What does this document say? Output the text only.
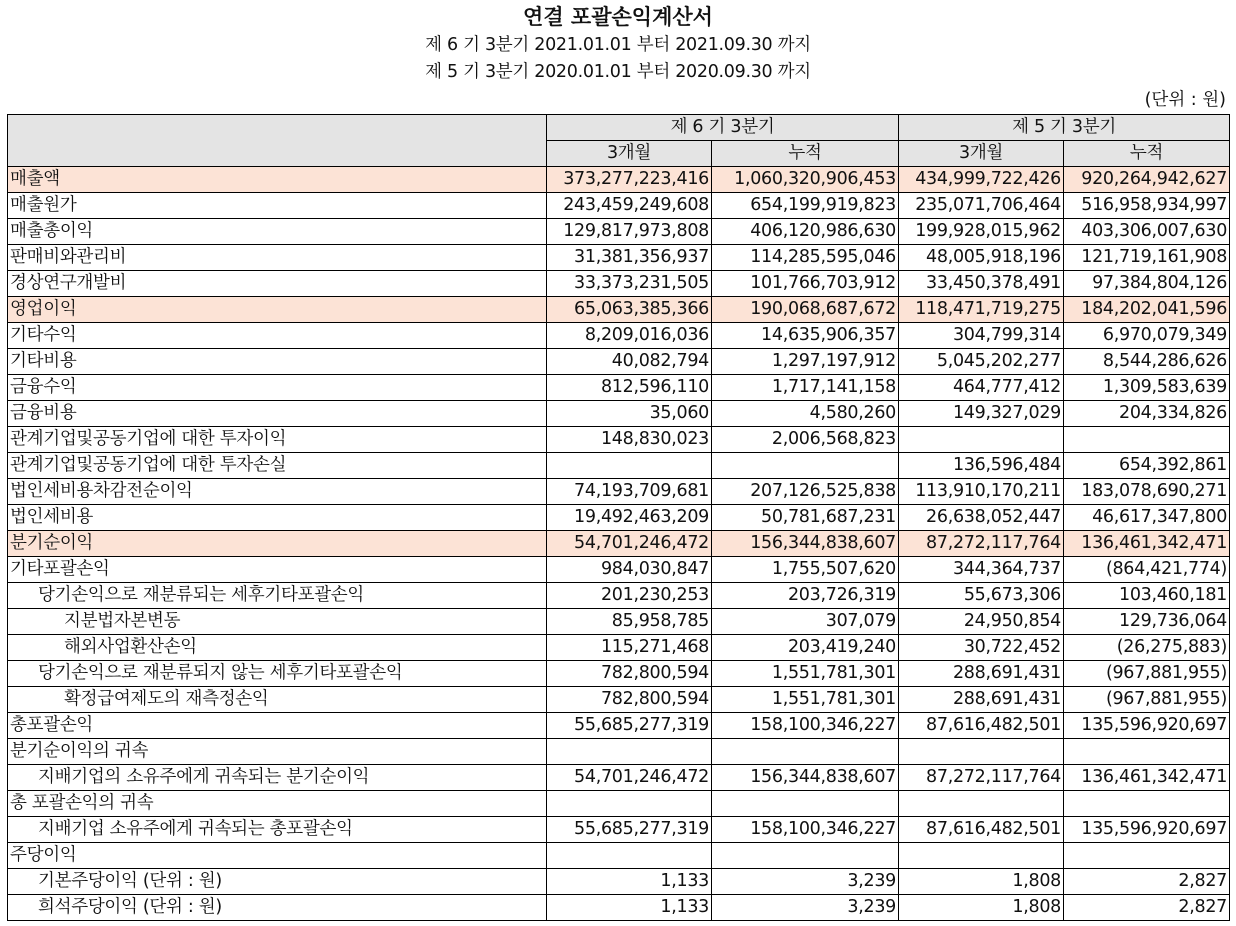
연결 포괄손익계산서
제 6 기 3분기 2021.01.01 부터 2021.09.30 까지
제 5 기 3분기 2020.01.01 부터 2020.09.30 까지
(단위 : 원)
	제 6 기 3분기		제 5 기 3분기	
	3개월	누적	3개월	누적
매출액	373,277,223,416	1,060,320,906,453	434,999,722,426	920,264,942,627
매출원가	243,459,249,608	654,199,919,823	235,071,706,464	516,958,934,997
매출총이익	129,817,973,808	406,120,986,630	199,928,015,962	403,306,007,630
판매비와관리비	31,381,356,937	114,285,595,046	48,005,918,196	121,719,161,908
경상연구개발비	33,373,231,505	101,766,703,912	33,450,378,491	97,384,804,126
영업이익	65,063,385,366	190,068,687,672	118,471,719,275	184,202,041,596
기타수익	8,209,016,036	14,635,906,357	304,799,314	6,970,079,349
기타비용	40,082,794	1,297,197,912	5,045,202,277	8,544,286,626
금융수익	812,596,110	1,717,141,158	464,777,412	1,309,583,639
금융비용	35,060	4,580,260	149,327,029	204,334,826
관계기업및공동기업에 대한 투자이익	148,830,023	2,006,568,823		
관계기업및공동기업에 대한 투자손실			136,596,484	654,392,861
법인세비용차감전순이익	74,193,709,681	207,126,525,838	113,910,170,211	183,078,690,271
법인세비용	19,492,463,209	50,781,687,231	26,638,052,447	46,617,347,800
분기순이익	54,701,246,472	156,344,838,607	87,272,117,764	136,461,342,471
기타포괄손익	984,030,847	1,755,507,620	344,364,737	(864,421,774)
당기손익으로 재분류되는 세후기타포괄손익	201,230,253	203,726,319	55,673,306	103,460,181
지분법자본변동	85,958,785	307,079	24,950,854	129,736,064
해외사업환산손익	115,271,468	203,419,240	30,722,452	(26,275,883)
당기손익으로 재분류되지 않는 세후기타포괄손익	782,800,594	1,551,781,301	288,691,431	(967,881,955)
확정급여제도의 재측정손익	782,800,594	1,551,781,301	288,691,431	(967,881,955)
총포괄손익	55,685,277,319	158,100,346,227	87,616,482,501	135,596,920,697
분기순이익의 귀속				
지배기업의 소유주에게 귀속되는 분기순이익	54,701,246,472	156,344,838,607	87,272,117,764	136,461,342,471
총 포괄손익의 귀속				
지배기업 소유주에게 귀속되는 총포괄손익	55,685,277,319	158,100,346,227	87,616,482,501	135,596,920,697
주당이익				
기본주당이익 (단위 : 원)	1,133	3,239	1,808	2,827
희석주당이익 (단위 : 원)	1,133	3,239	1,808	2,827
